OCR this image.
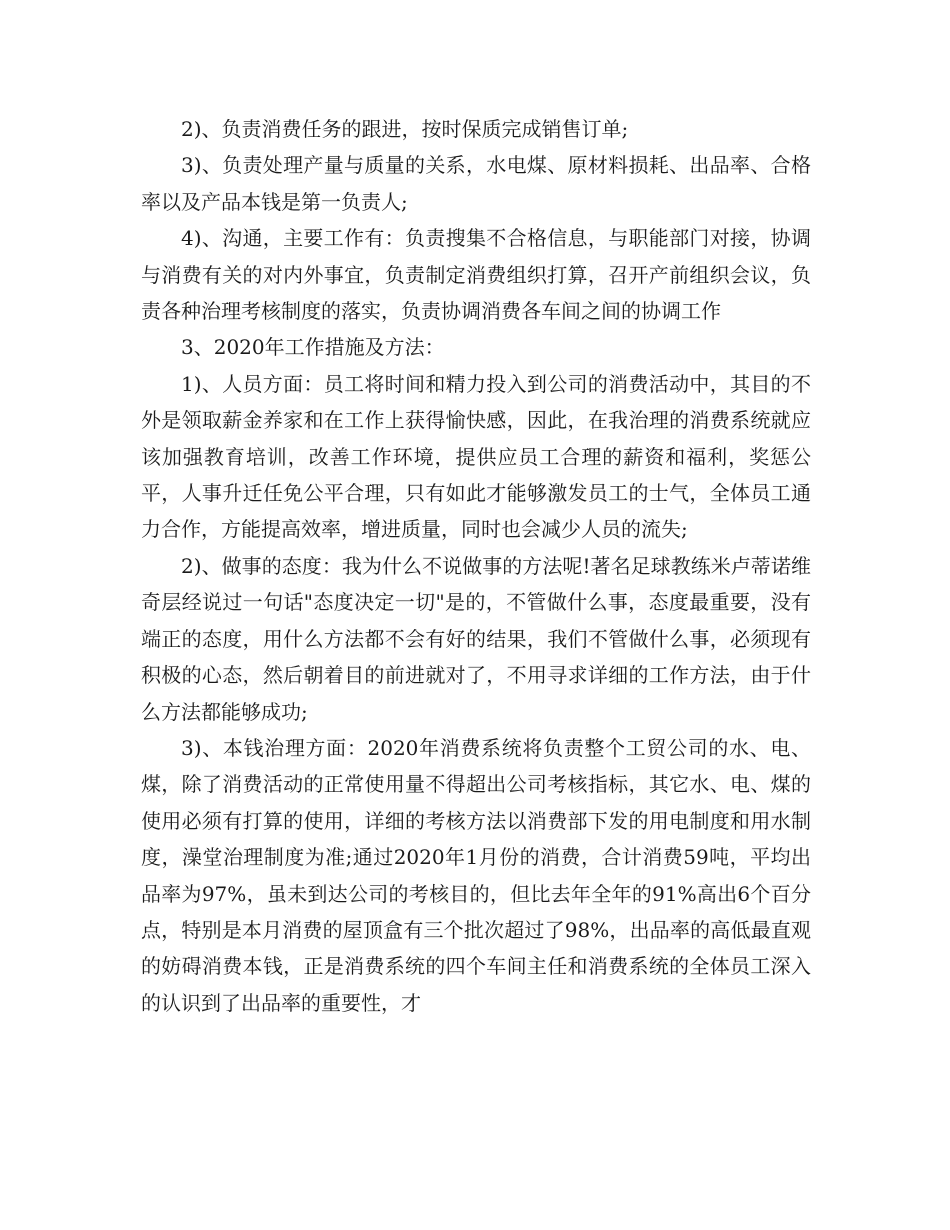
2)、负责消费任务的跟进，按时保质完成销售订单;

3)、负责处理产量与质量的关系，水电煤、原材料损耗、出品率、合格率以及产品本钱是第一负责人;

4)、沟通，主要工作有：负责搜集不合格信息，与职能部门对接，协调与消费有关的对内外事宜，负责制定消费组织打算，召开产前组织会议，负责各种治理考核制度的落实，负责协调消费各车间之间的协调工作

3、2020年工作措施及方法：

1)、人员方面：员工将时间和精力投入到公司的消费活动中，其目的不外是领取薪金养家和在工作上获得愉快感，因此，在我治理的消费系统就应该加强教育培训，改善工作环境，提供应员工合理的薪资和福利，奖惩公平，人事升迁任免公平合理，只有如此才能够激发员工的士气，全体员工通力合作，方能提高效率，增进质量，同时也会减少人员的流失;

2)、做事的态度：我为什么不说做事的方法呢!著名足球教练米卢蒂诺维奇层经说过一句话"态度决定一切"是的，不管做什么事，态度最重要，没有端正的态度，用什么方法都不会有好的结果，我们不管做什么事，必须现有积极的心态，然后朝着目的前进就对了，不用寻求详细的工作方法，由于什么方法都能够成功;

3)、本钱治理方面：2020年消费系统将负责整个工贸公司的水、电、煤，除了消费活动的正常使用量不得超出公司考核指标，其它水、电、煤的使用必须有打算的使用，详细的考核方法以消费部下发的用电制度和用水制度，澡堂治理制度为准;通过2020年1月份的消费，合计消费59吨，平均出品率为97%，虽未到达公司的考核目的，但比去年全年的91%高出6个百分点，特别是本月消费的屋顶盒有三个批次超过了98%，出品率的高低最直观的妨碍消费本钱，正是消费系统的四个车间主任和消费系统的全体员工深入的认识到了出品率的重要性，才
